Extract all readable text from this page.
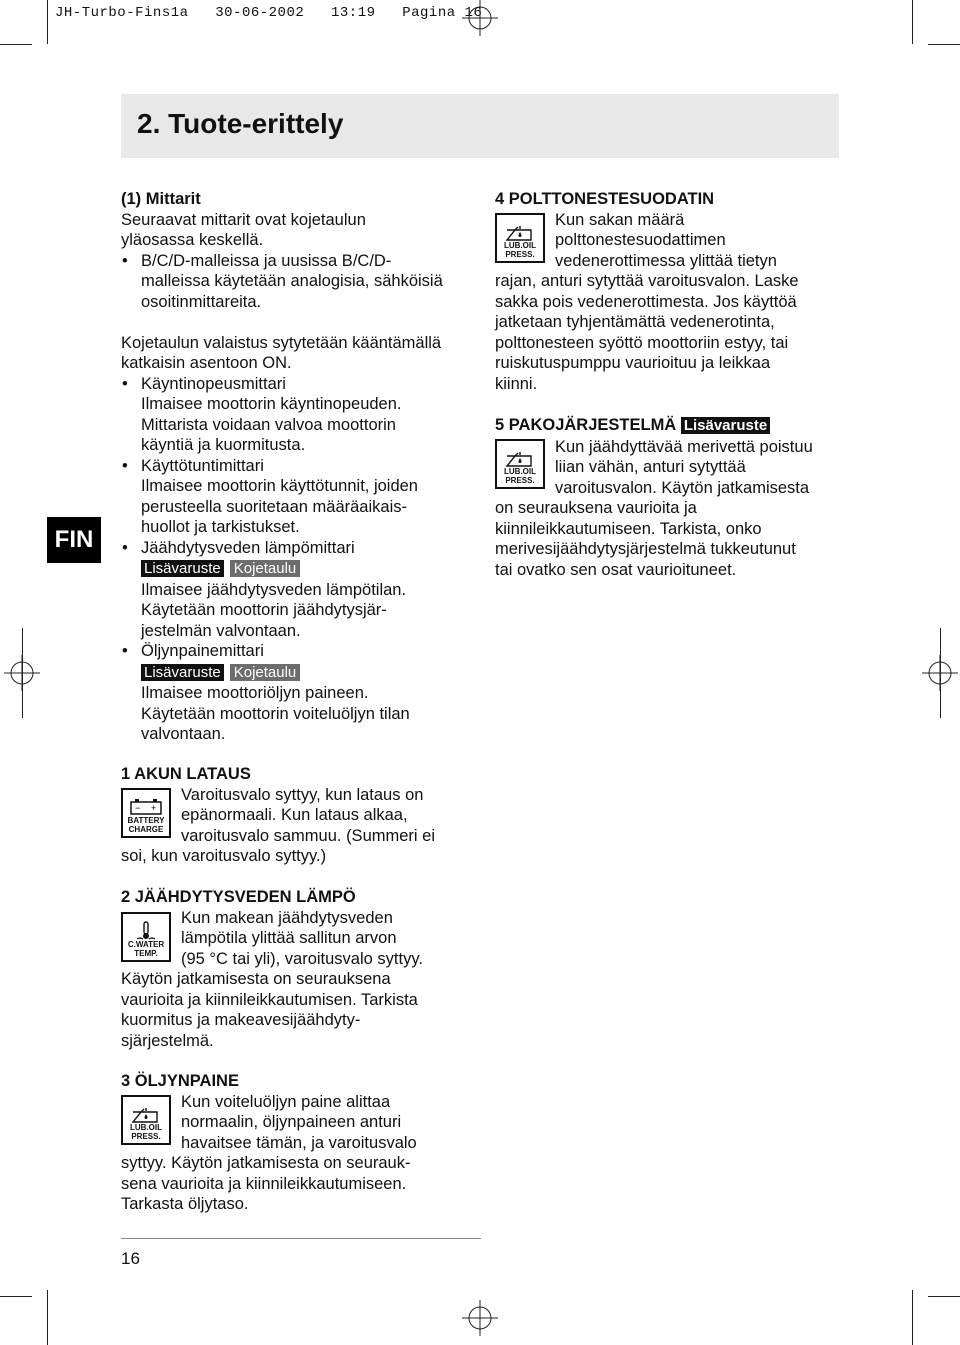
JH-Turbo-Fins1a 30-06-2002 13:19 Pagina 16
2. Tuote-erittely
FIN

(1) Mittarit

Seuraavat mittarit ovat kojetaulun

yläosassa keskellä.

• B/C/D-malleissa ja uusissa B/C/D-

malleissa käytetään analogisia, sähköisiä

osoitinmittareita.

Kojetaulun valaistus sytytetään kääntämällä

katkaisin asentoon ON.

• Käyntinopeusmittari

Ilmaisee moottorin käyntinopeuden.

Mittarista voidaan valvoa moottorin

käyntiä ja kuormitusta.

• Käyttötuntimittari

Ilmaisee moottorin käyttötunnit, joiden

perusteella suoritetaan määräaikais-

huollot ja tarkistukset.

• Jäähdytysveden lämpömittari

Lisävaruste Kojetaulu

Ilmaisee jäähdytysveden lämpötilan.

Käytetään moottorin jäähdytysjär-

jestelmän valvontaan.

• Öljynpainemittari

Lisävaruste Kojetaulu

Ilmaisee moottoriöljyn paineen.

Käytetään moottorin voiteluöljyn tilan

valvontaan.

1 AKUN LATAUS

Varoitusvalo syttyy, kun lataus on

epänormaali. Kun lataus alkaa,

varoitusvalo sammuu. (Summeri ei

soi, kun varoitusvalo syttyy.)

− +
BATTERY
CHARGE

2 JÄÄHDYTYSVEDEN LÄMPÖ

Kun makean jäähdytysveden

lämpötila ylittää sallitun arvon

(95 °C tai yli), varoitusvalo syttyy.

Käytön jatkamisesta on seurauksena

vaurioita ja kiinnileikkautumisen. Tarkista

kuormitus ja makeavesijäähdyty-

sjärjestelmä.

C.WATER
TEMP.

3 ÖLJYNPAINE

Kun voiteluöljyn paine alittaa

normaalin, öljynpaineen anturi

havaitsee tämän, ja varoitusvalo

syttyy. Käytön jatkamisesta on seurauk-

sena vaurioita ja kiinnileikkautumiseen.

Tarkasta öljytaso.

LUB.OIL
PRESS.

4 POLTTONESTESUODATIN

Kun sakan määrä

polttonestesuodattimen

vedenerottimessa ylittää tietyn

rajan, anturi sytyttää varoitusvalon. Laske

sakka pois vedenerottimesta. Jos käyttöä

jatketaan tyhjentämättä vedenerotinta,

polttonesteen syöttö moottoriin estyy, tai

ruiskutuspumppu vaurioituu ja leikkaa

kiinni.

LUB.OIL
PRESS.

5 PAKOJÄRJESTELMÄ Lisävaruste

Kun jäähdyttävää merivettä poistuu

liian vähän, anturi sytyttää

varoitusvalon. Käytön jatkamisesta

on seurauksena vaurioita ja

kiinnileikkautumiseen. Tarkista, onko

merivesijäähdytysjärjestelmä tukkeutunut

tai ovatko sen osat vaurioituneet.

LUB.OIL
PRESS.
16
